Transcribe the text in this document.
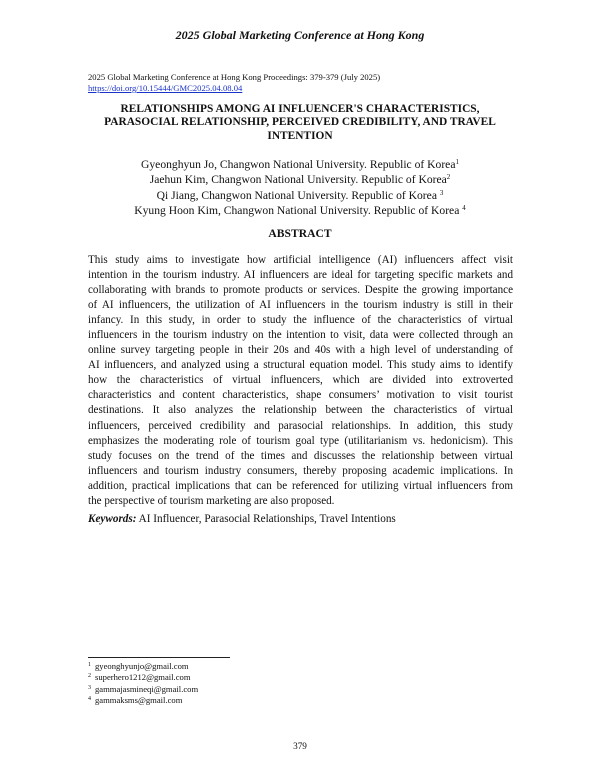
2025 Global Marketing Conference at Hong Kong
2025 Global Marketing Conference at Hong Kong Proceedings: 379-379 (July 2025)
https://doi.org/10.15444/GMC2025.04.08.04
RELATIONSHIPS AMONG AI INFLUENCER'S CHARACTERISTICS,
PARASOCIAL RELATIONSHIP, PERCEIVED CREDIBILITY, AND TRAVEL
INTENTION
Gyeonghyun Jo, Changwon National University. Republic of Korea$^1$
Jaehun Kim, Changwon National University. Republic of Korea$^2$
Qi Jiang, Changwon National University. Republic of Korea $^3$
Kyung Hoon Kim, Changwon National University. Republic of Korea $^4$
ABSTRACT
This study aims to investigate how artificial intelligence (AI) influencers affect visit
intention in the tourism industry. AI influencers are ideal for targeting specific markets and
collaborating with brands to promote products or services. Despite the growing importance
of AI influencers, the utilization of AI influencers in the tourism industry is still in their
infancy. In this study, in order to study the influence of the characteristics of virtual
influencers in the tourism industry on the intention to visit, data were collected through an
online survey targeting people in their 20s and 40s with a high level of understanding of
AI influencers, and analyzed using a structural equation model. This study aims to identify
how the characteristics of virtual influencers, which are divided into extroverted
characteristics and content characteristics, shape consumers’ motivation to visit tourist
destinations. It also analyzes the relationship between the characteristics of virtual
influencers, perceived credibility and parasocial relationships. In addition, this study
emphasizes the moderating role of tourism goal type (utilitarianism vs. hedonicism). This
study focuses on the trend of the times and discusses the relationship between virtual
influencers and tourism industry consumers, thereby proposing academic implications. In
addition, practical implications that can be referenced for utilizing virtual influencers from
the perspective of tourism marketing are also proposed.
Keywords: AI Influencer, Parasocial Relationships, Travel Intentions
$^1$ gyeonghyunjo@gmail.com
$^2$ superhero1212@gmail.com
$^3$ gammajasmineqi@gmail.com
$^4$ gammaksms@gmail.com
379
